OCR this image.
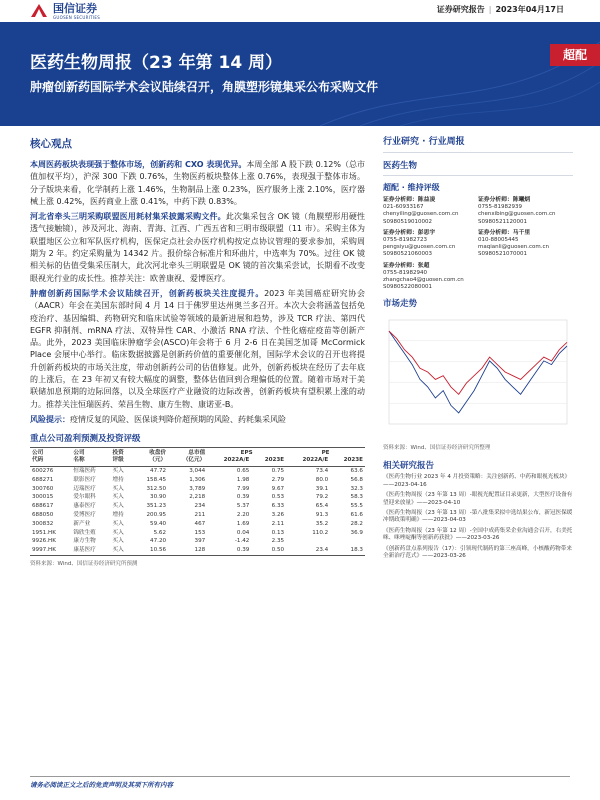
国信证券
GUOSEN SECURITIES
证券研究报告 | 2023年04月17日
医药生物周报（23 年第 14 周）
肿瘤创新药国际学术会议陆续召开，角膜塑形镜集采公布采购文件
超配
核心观点

本周医药板块表现强于整体市场，创新药和 CXO 表现优异。本周全部 A 股下跌 0.12%（总市值加权平均），沪深 300 下跌 0.76%，生物医药板块整体上涨 0.76%，表现强于整体市场。分子版块来看，化学制药上涨 1.46%，生物制品上涨 0.23%，医疗服务上涨 2.10%，医疗器械上涨 0.42%，医药商业上涨 0.41%，中药下跌 0.83%。

河北省牵头三明采购联盟医用耗材集采披露采购文件。此次集采包含 OK 镜（角膜塑形用硬性透气接触镜），涉及河北、海南、青海、江西、广西五省和三明市级联盟（11 市）。采购主体为联盟地区公立和军队医疗机构，医保定点社会办医疗机构按定点协议管理的要求参加，采购周期为 2 年。约定采购量为 14342 片。报价综合标准片和环曲片，中选率为 70%。过往 OK 镜相关标的估值受集采压制大，此次河北牵头三明联盟是 OK 镜的首次集采尝试，长期看不改变眼视光行业的成长性。推荐关注：欧普康视、爱博医疗。

肿瘤创新药国际学术会议陆续召开，创新药板块关注度提升。2023 年美国癌症研究协会（AACR）年会在美国东部时间 4 月 14 日于佛罗里达州奥兰多召开。本次大会将涵盖包括免疫治疗、基因编辑、药物研究和临床试验等领域的最新进展和趋势，涉及 TCR 疗法、第四代 EGFR 抑制剂、mRNA 疗法、双特异性 CAR、小激活 RNA 疗法、个性化癌症疫苗等创新产品。此外，2023 美国临床肿瘤学会(ASCO)年会将于 6 月 2-6 日在美国芝加哥 McCormick Place 会展中心举行。临床数据披露是创新药价值的重要催化剂，国际学术会议的召开也将提升创新药板块的市场关注度，带动创新药公司的估值修复。此外，创新药板块在经历了去年底的上涨后，在 23 年初又有较大幅度的调整，整体估值回到合理偏低的位置。随着市场对于美联储加息预期的边际回落，以及全球医疗产业融资的边际改善，创新药板块有望积累上涨的动力。推荐关注恒瑞医药、荣昌生物、康方生物、康诺亚-B。

风险提示：疫情反复的风险、医保谈判降价超预期的风险、药耗集采风险

重点公司盈利预测及投资评级
公司	公司	投资	收盘价	总市值	EPS		PE	
代码	名称	评级	（元）	（亿元）	2022A/E	2023E	2022A/E	2023E
600276	恒瑞医药	买入	47.72	3,044	0.65	0.75	73.4	63.6
688271	联影医疗	增持	158.45	1,306	1.98	2.79	80.0	56.8
300760	迈瑞医疗	买入	312.50	3,789	7.99	9.67	39.1	32.3
300015	爱尔眼科	买入	30.90	2,218	0.39	0.53	79.2	58.3
688617	惠泰医疗	买入	351.23	234	5.37	6.33	65.4	55.5
688050	爱博医疗	增持	200.95	211	2.20	3.26	91.3	61.6
300832	新产业	买入	59.40	467	1.69	2.11	35.2	28.2
1951.HK	锦欣生殖	买入	5.62	153	0.04	0.13	110.2	36.9
9926.HK	康方生物	买入	47.20	397	-1.42	2.35		
9997.HK	康基医疗	买入	10.56	128	0.39	0.50	23.4	18.3
资料来源：Wind、国信证券经济研究所预测
行业研究 · 行业周报
医药生物
超配 · 维持评级
证券分析师：陈益凌
021-60933167
chenyiling@guosen.com.cn
S0980519010002
证券分析师：陈曦炳
0755-81982939
chenxibing@guosen.com.cn
S0980521120001
证券分析师：彭思宇
0755-81982723
pengsiyu@guosen.com.cn
S0980521060003
证券分析师：马千里
010-88005445
maqianli@guosen.com.cn
S0980521070001
证券分析师：张超
0755-81982940
zhangchao4@guosen.com.cn
S0980522080001
市场走势
资料来源：Wind、国信证券经济研究所整理
相关研究报告
《医药生物行业 2023 年 4 月投资策略：关注创新药、中药和眼视光板块》——2023-04-16
《医药生物周报（23 年第 13 周）-眼视光配置证目录更新，大型医疗设备有望迎来放量》——2023-04-10
《医药生物周报（23 年第 13 周）-第八批集采拟中选结果公布，新冠医保缓冲期政策明确》——2023-04-03
《医药生物周报（23 年第 12 周）-全国中成药集采企业沟通会召开，右美托咪、咪唑啶酮等创新药获批》——2023-03-26
《创新药盘点系列报告（17）：引领现代制药的第三座高峰，小核酸药物带来全新治疗范式》——2023-03-26
请务必阅读正文之后的免责声明及其项下所有内容
